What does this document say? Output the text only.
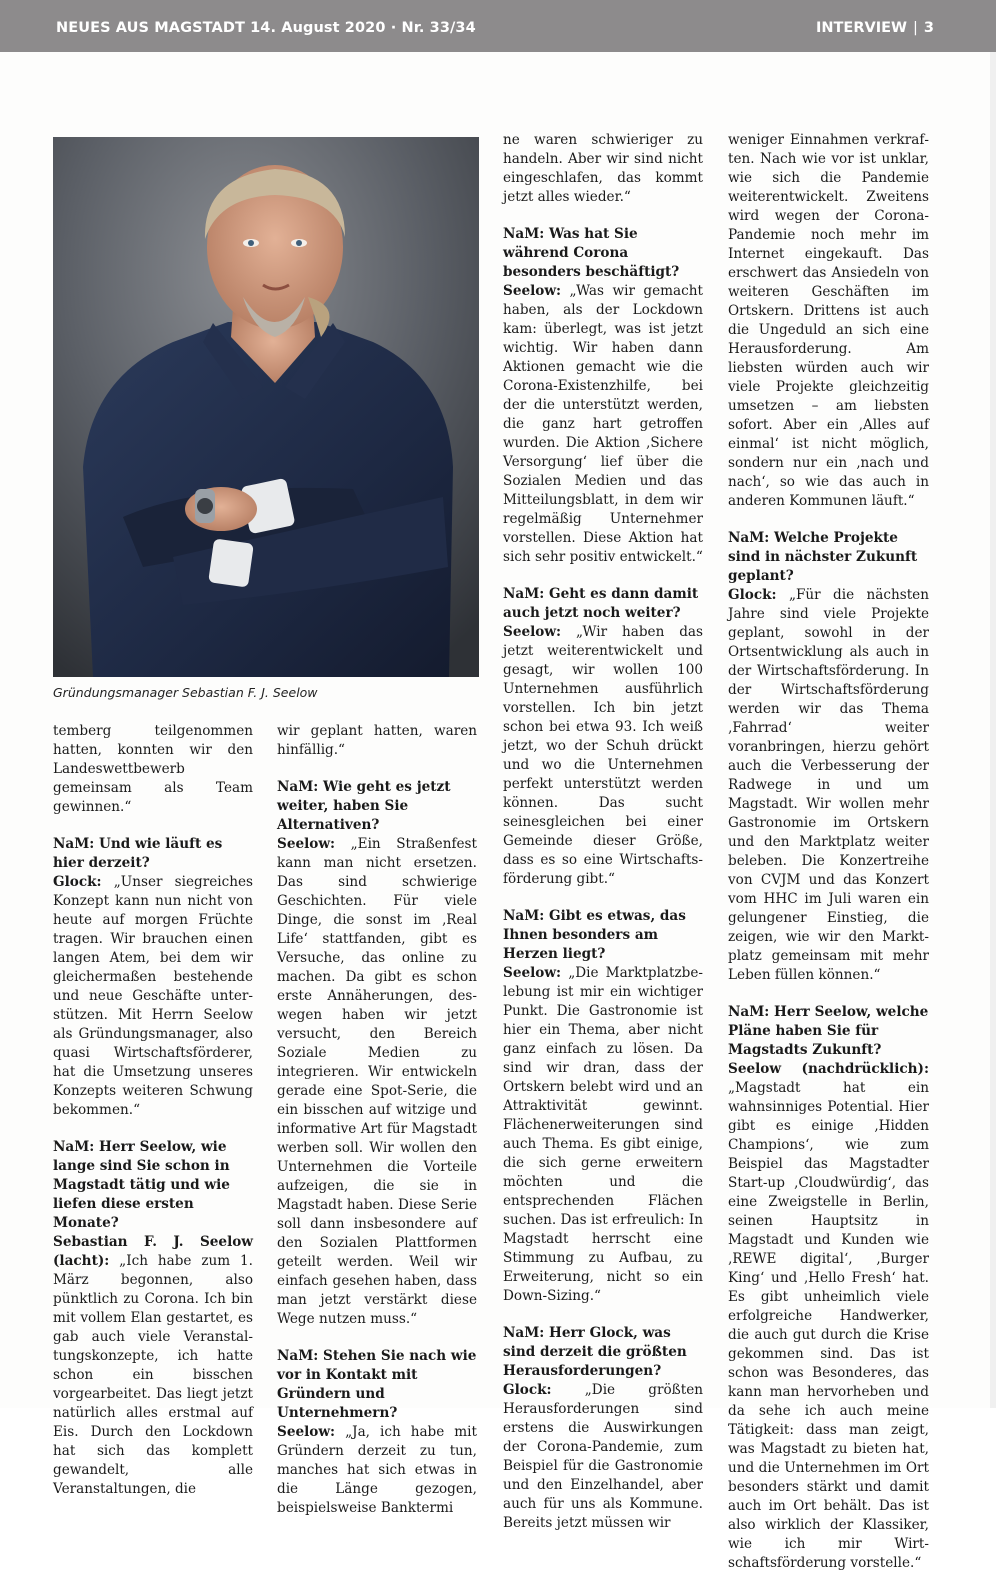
NEUES AUS MAGSTADT 14. August 2020 · Nr. 33/34	INTERVIEW | 3
Gründungsmanager Sebastian F. J. Seelow

temberg teilgenommen hatten, konnten wir den Landeswettbewerb gemeinsam als Team gewinnen.“

NaM: Und wie läuft es hier derzeit?

Glock: „Unser siegreiches Konzept kann nun nicht von heute auf morgen Früchte tragen. Wir brauchen einen langen Atem, bei dem wir gleichermaßen bestehende und neue Geschäfte unterstützen. Mit Herrn Seelow als Gründungsmanager, also quasi Wirtschaftsförderer, hat die Umsetzung unseres Konzepts weiteren Schwung bekommen.“

NaM: Herr Seelow, wie lange sind Sie schon in Magstadt tätig und wie liefen diese ersten Monate?

Sebastian F. J. Seelow (lacht): „Ich habe zum 1. März begonnen, also pünktlich zu Corona. Ich bin mit vollem Elan gestartet, es gab auch viele Veranstaltungskonzepte, ich hatte schon ein bisschen vorgearbeitet. Das liegt jetzt natürlich alles erstmal auf Eis. Durch den Lockdown hat sich das komplett gewandelt, alle Veranstaltungen, die

wir geplant hatten, waren hinfällig.“

NaM: Wie geht es jetzt weiter, haben Sie Alternativen?

Seelow: „Ein Straßenfest kann man nicht ersetzen. Das sind schwierige Geschichten. Für viele Dinge, die sonst im ‚Real Life‘ stattfanden, gibt es Versuche, das online zu machen. Da gibt es schon erste Annäherungen, deswegen haben wir jetzt versucht, den Bereich Soziale Medien zu integrieren. Wir entwickeln gerade eine Spot-Serie, die ein bisschen auf witzige und informative Art für Magstadt werben soll. Wir wollen den Unternehmen die Vorteile aufzeigen, die sie in Magstadt haben. Diese Serie soll dann insbesondere auf den Sozialen Plattformen geteilt werden. Weil wir einfach gesehen haben, dass man jetzt verstärkt diese Wege nutzen muss.“

NaM: Stehen Sie nach wie vor in Kontakt mit Gründern und Unternehmern?

Seelow: „Ja, ich habe mit Gründern derzeit zu tun, manches hat sich etwas in die Länge gezogen, beispielsweise Banktermi

ne waren schwieriger zu handeln. Aber wir sind nicht eingeschlafen, das kommt jetzt alles wieder.“

NaM: Was hat Sie während Corona besonders beschäftigt?

Seelow: „Was wir gemacht haben, als der Lockdown kam: überlegt, was ist jetzt wichtig. Wir haben dann Aktionen gemacht wie die Corona-Existenzhilfe, bei der die unterstützt werden, die ganz hart getroffen wurden. Die Aktion ‚Sichere Versorgung‘ lief über die Sozialen Medien und das Mitteilungsblatt, in dem wir regelmäßig Unternehmer vorstellen. Diese Aktion hat sich sehr positiv entwickelt.“

NaM: Geht es dann damit auch jetzt noch weiter?

Seelow: „Wir haben das jetzt weiterentwickelt und gesagt, wir wollen 100 Unternehmen ausführlich vorstellen. Ich bin jetzt schon bei etwa 93. Ich weiß jetzt, wo der Schuh drückt und wo die Unternehmen perfekt unterstützt werden können. Das sucht seinesgleichen bei einer Gemeinde dieser Größe, dass es so eine Wirtschaftsförderung gibt.“

NaM: Gibt es etwas, das Ihnen besonders am Herzen liegt?

Seelow: „Die Marktplatzbelebung ist mir ein wichtiger Punkt. Die Gastronomie ist hier ein Thema, aber nicht ganz einfach zu lösen. Da sind wir dran, dass der Ortskern belebt wird und an Attraktivität gewinnt. Flächenerweiterungen sind auch Thema. Es gibt einige, die sich gerne erweitern möchten und die entsprechenden Flächen suchen. Das ist erfreulich: In Magstadt herrscht eine Stimmung zu Aufbau, zu Erweiterung, nicht so ein Down-Sizing.“

NaM: Herr Glock, was sind derzeit die größten Herausforderungen?

Glock: „Die größten Herausforderungen sind erstens die Auswirkungen der Corona-Pandemie, zum Beispiel für die Gastronomie und den Einzelhandel, aber auch für uns als Kommune. Bereits jetzt müssen wir

weniger Einnahmen verkraften. Nach wie vor ist unklar, wie sich die Pandemie weiterentwickelt. Zweitens wird wegen der Corona-Pandemie noch mehr im Internet eingekauft. Das erschwert das Ansiedeln von weiteren Geschäften im Ortskern. Drittens ist auch die Ungeduld an sich eine Herausforderung. Am liebsten würden auch wir viele Projekte gleichzeitig umsetzen – am liebsten sofort. Aber ein ‚Alles auf einmal‘ ist nicht möglich, sondern nur ein ‚nach und nach‘, so wie das auch in anderen Kommunen läuft.“

NaM: Welche Projekte sind in nächster Zukunft geplant?

Glock: „Für die nächsten Jahre sind viele Projekte geplant, sowohl in der Ortsentwicklung als auch in der Wirtschaftsförderung. In der Wirtschaftsförderung werden wir das Thema ‚Fahrrad‘ weiter voranbringen, hierzu gehört auch die Verbesserung der Radwege in und um Magstadt. Wir wollen mehr Gastronomie im Ortskern und den Marktplatz weiter beleben. Die Konzertreihe von CVJM und das Konzert vom HHC im Juli waren ein gelungener Einstieg, die zeigen, wie wir den Marktplatz gemeinsam mit mehr Leben füllen können.“

NaM: Herr Seelow, welche Pläne haben Sie für Magstadts Zukunft?

Seelow (nachdrücklich): „Magstadt hat ein wahnsinniges Potential. Hier gibt es einige ‚Hidden Champions‘, wie zum Beispiel das Magstadter Start-up ‚Cloudwürdig‘, das eine Zweigstelle in Berlin, seinen Hauptsitz in Magstadt und Kunden wie ‚REWE digital‘, ‚Burger King‘ und ‚Hello Fresh‘ hat. Es gibt unheimlich viele erfolgreiche Handwerker, die auch gut durch die Krise gekommen sind. Das ist schon was Besonderes, das kann man hervorheben und da sehe ich auch meine Tätigkeit: dass man zeigt, was Magstadt zu bieten hat, und die Unternehmen im Ort besonders stärkt und damit auch im Ort behält. Das ist also wirklich der Klassiker, wie ich mir Wirtschaftsförderung vorstelle.“
